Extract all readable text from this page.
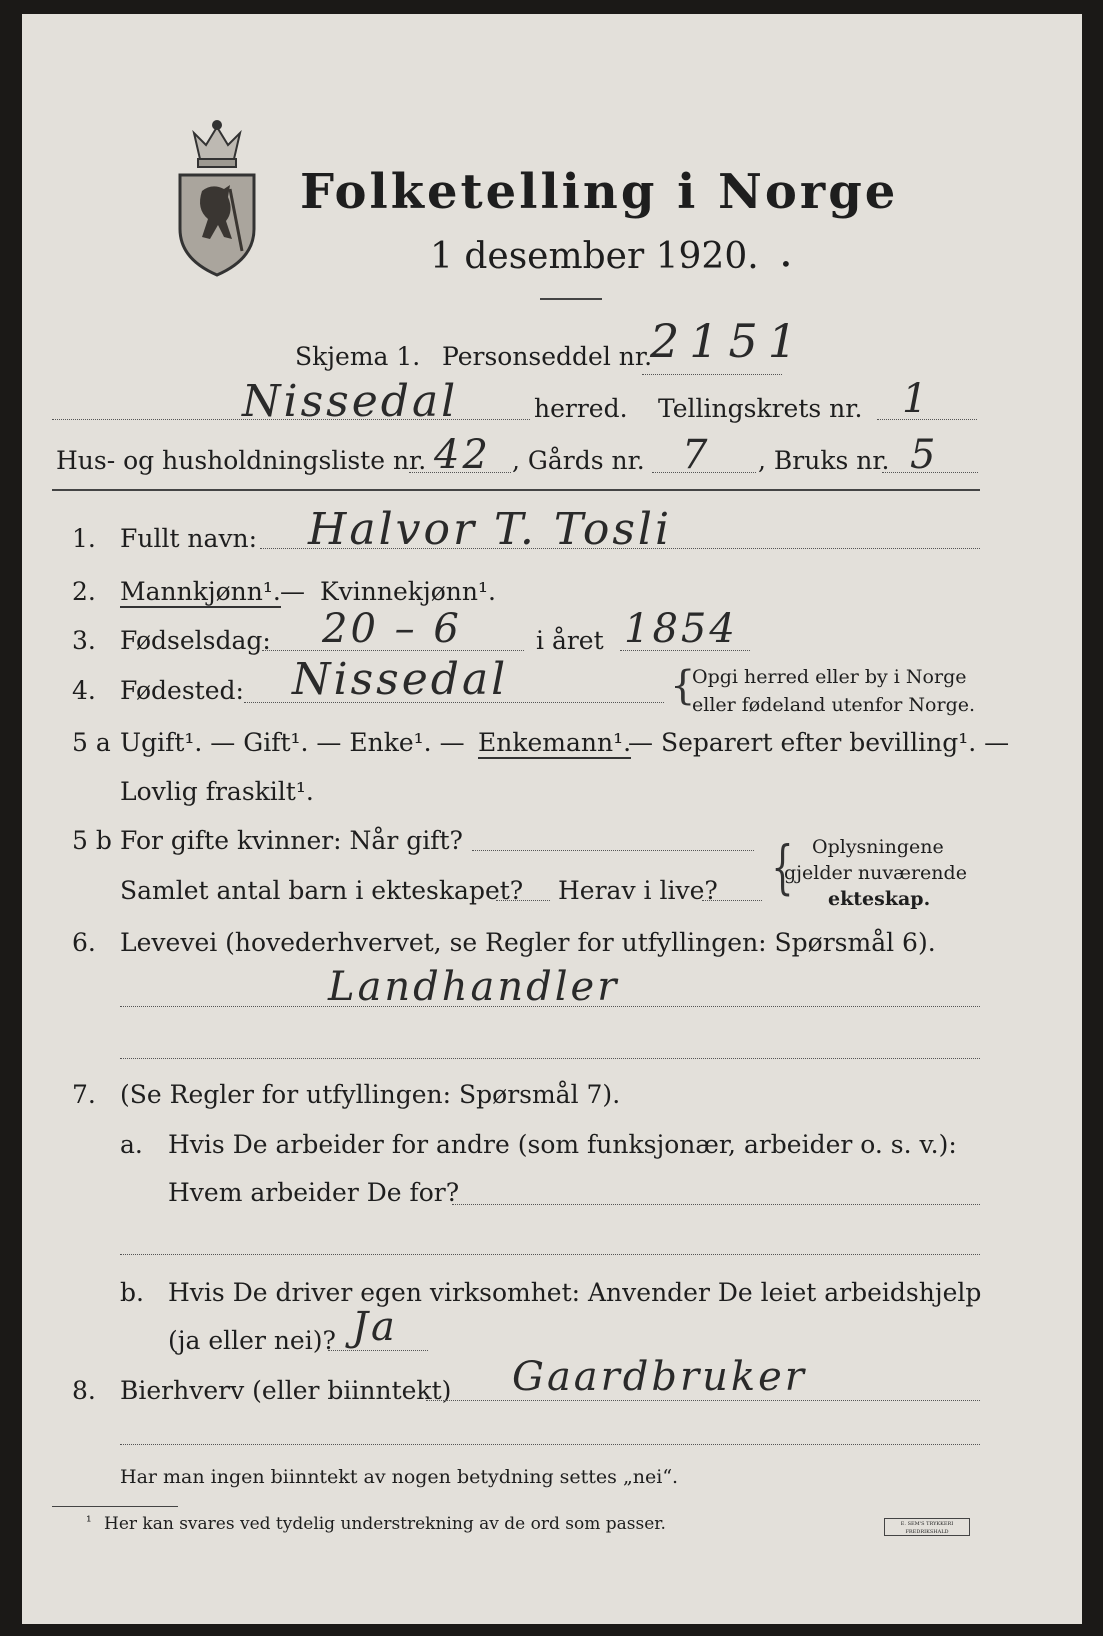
Folketelling i Norge
1 desember 1920. •
Skjema 1. Personseddel nr.
2151
Nissedal	herred. Tellingskrets nr. 1
Hus- og husholdningsliste nr. 42 , Gårds nr. 7 , Bruks nr. 5
1. Fullt navn: Halvor T. Tosli
2. Mannkjønn¹. — Kvinnekjønn¹.
3. Fødselsdag: 20 – 6	i året 1854
4. Fødested: Nissedal	{
Opgi herred eller by i Norge
eller fødeland utenfor Norge.
5 a Ugift¹. — Gift¹. — Enke¹. — Enkemann¹.
— Separert efter bevilling¹. —
Lovlig fraskilt¹.
5 b For gifte kvinner: Når gift?
Samlet antal barn i ekteskapet? Herav i live? { Oplysningene
gjelder nuværende
ekteskap.
6. Levevei (hovederhvervet, se Regler for utfyllingen: Spørsmål 6).
Landhandler
7. (Se Regler for utfyllingen: Spørsmål 7).
a. Hvis De arbeider for andre (som funksjonær, arbeider o. s. v.):
Hvem arbeider De for?
b. Hvis De driver egen virksomhet: Anvender De leiet arbeidshjelp
(ja eller nei)? Ja
8. Bierhverv (eller biinntekt) Gaardbruker
Har man ingen biinntekt av nogen betydning settes „nei“.
¹ Her kan svares ved tydelig understrekning av de ord som passer.	E. SEM'S TRYKKERI FREDRIKSHALD
